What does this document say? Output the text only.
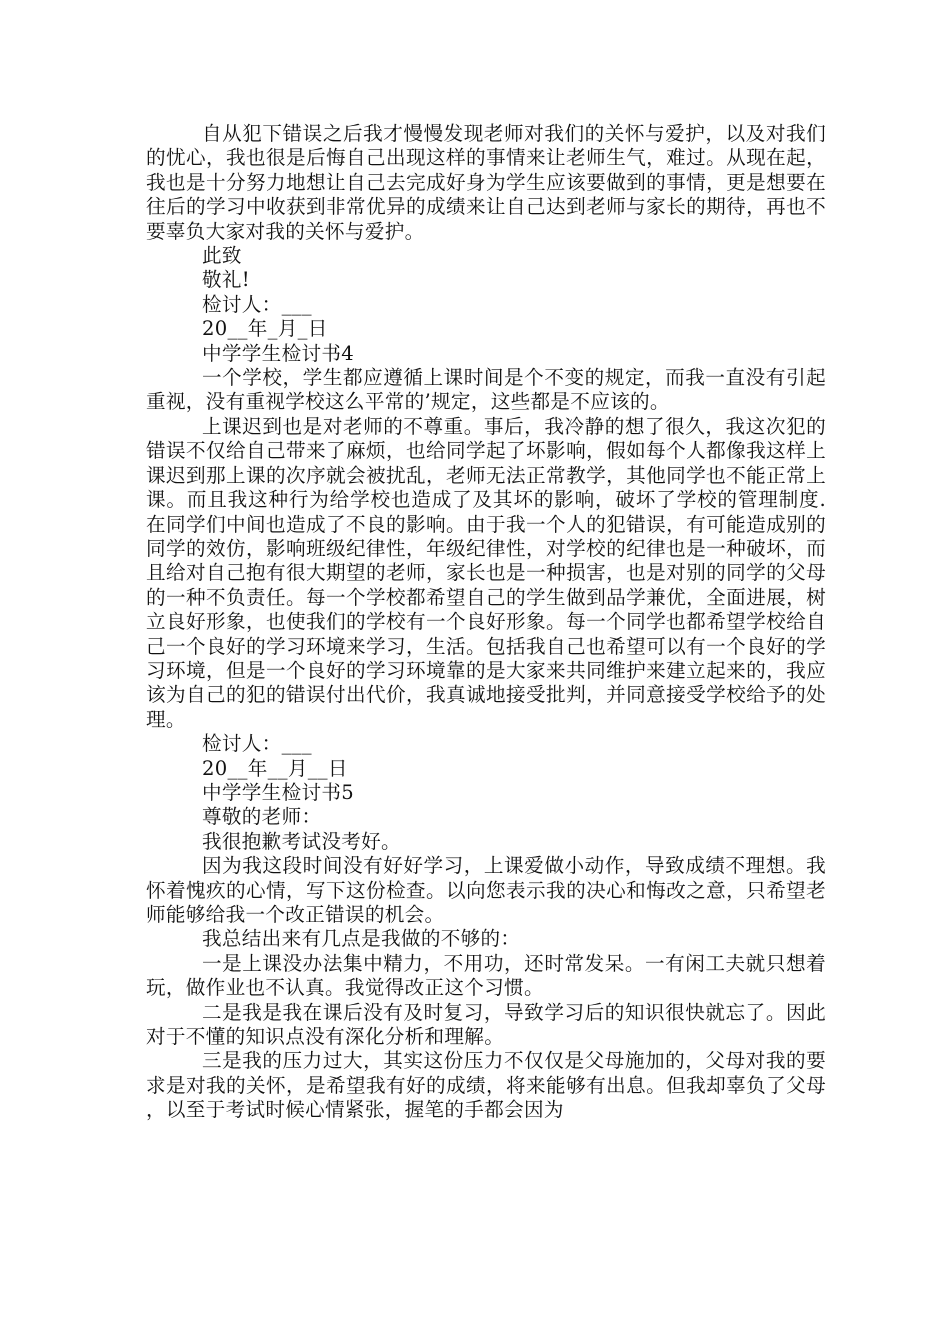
自从犯下错误之后我才慢慢发现老师对我们的关怀与爱护，以及对我们的忧心，我也很是后悔自己出现这样的事情来让老师生气，难过。从现在起，我也是十分努力地想让自己去完成好身为学生应该要做到的事情，更是想要在往后的学习中收获到非常优异的成绩来让自己达到老师与家长的期待，再也不要辜负大家对我的关怀与爱护。

此致

敬礼!

检讨人：___

20__年_月_日

中学学生检讨书4

一个学校，学生都应遵循上课时间是个不变的规定，而我一直没有引起重视，没有重视学校这么平常的’规定，这些都是不应该的。

上课迟到也是对老师的不尊重。事后，我冷静的想了很久，我这次犯的错误不仅给自己带来了麻烦，也给同学起了坏影响，假如每个人都像我这样上课迟到那上课的次序就会被扰乱，老师无法正常教学，其他同学也不能正常上课。而且我这种行为给学校也造成了及其坏的影响，破坏了学校的管理制度.在同学们中间也造成了不良的影响。由于我一个人的犯错误，有可能造成别的同学的效仿，影响班级纪律性，年级纪律性，对学校的纪律也是一种破坏，而且给对自己抱有很大期望的老师，家长也是一种损害，也是对别的同学的父母的一种不负责任。每一个学校都希望自己的学生做到品学兼优，全面进展，树立良好形象，也使我们的学校有一个良好形象。每一个同学也都希望学校给自己一个良好的学习环境来学习，生活。包括我自己也希望可以有一个良好的学习环境，但是一个良好的学习环境靠的是大家来共同维护来建立起来的，我应该为自己的犯的错误付出代价，我真诚地接受批判，并同意接受学校给予的处理。

检讨人：___

20__年__月__日

中学学生检讨书5

尊敬的老师：

我很抱歉考试没考好。

因为我这段时间没有好好学习，上课爱做小动作，导致成绩不理想。我怀着愧疚的心情，写下这份检查。以向您表示我的决心和悔改之意，只希望老师能够给我一个改正错误的机会。

我总结出来有几点是我做的不够的：

一是上课没办法集中精力，不用功，还时常发呆。一有闲工夫就只想着玩，做作业也不认真。我觉得改正这个习惯。

二是我是我在课后没有及时复习，导致学习后的知识很快就忘了。因此对于不懂的知识点没有深化分析和理解。

三是我的压力过大，其实这份压力不仅仅是父母施加的，父母对我的要求是对我的关怀，是希望我有好的成绩，将来能够有出息。但我却辜负了父母，以至于考试时候心情紧张，握笔的手都会因为
